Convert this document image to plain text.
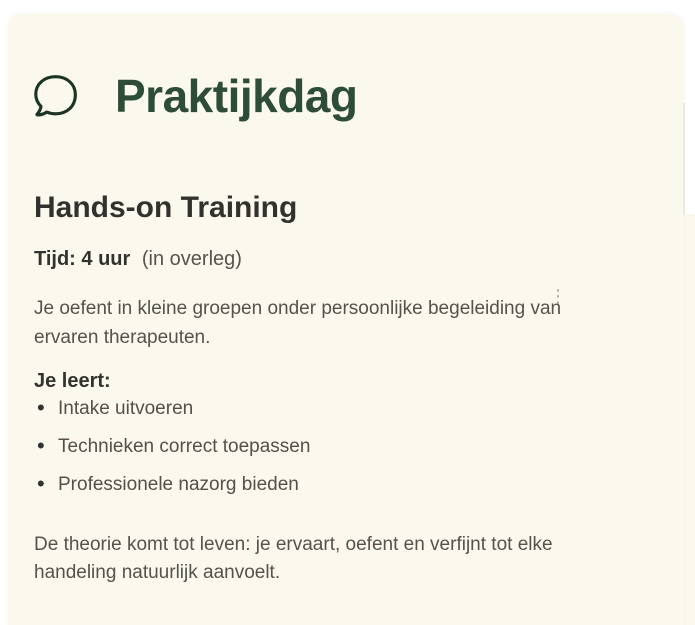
Praktijkdag
Hands-on Training

Tijd: 4 uur (in overleg)

Je oefent in kleine groepen onder persoonlijke begeleiding van ervaren therapeuten.

Je leert:

• Intake uitvoeren
• Technieken correct toepassen
• Professionele nazorg bieden

De theorie komt tot leven: je ervaart, oefent en verfijnt tot elke handeling natuurlijk aanvoelt.

⋮
